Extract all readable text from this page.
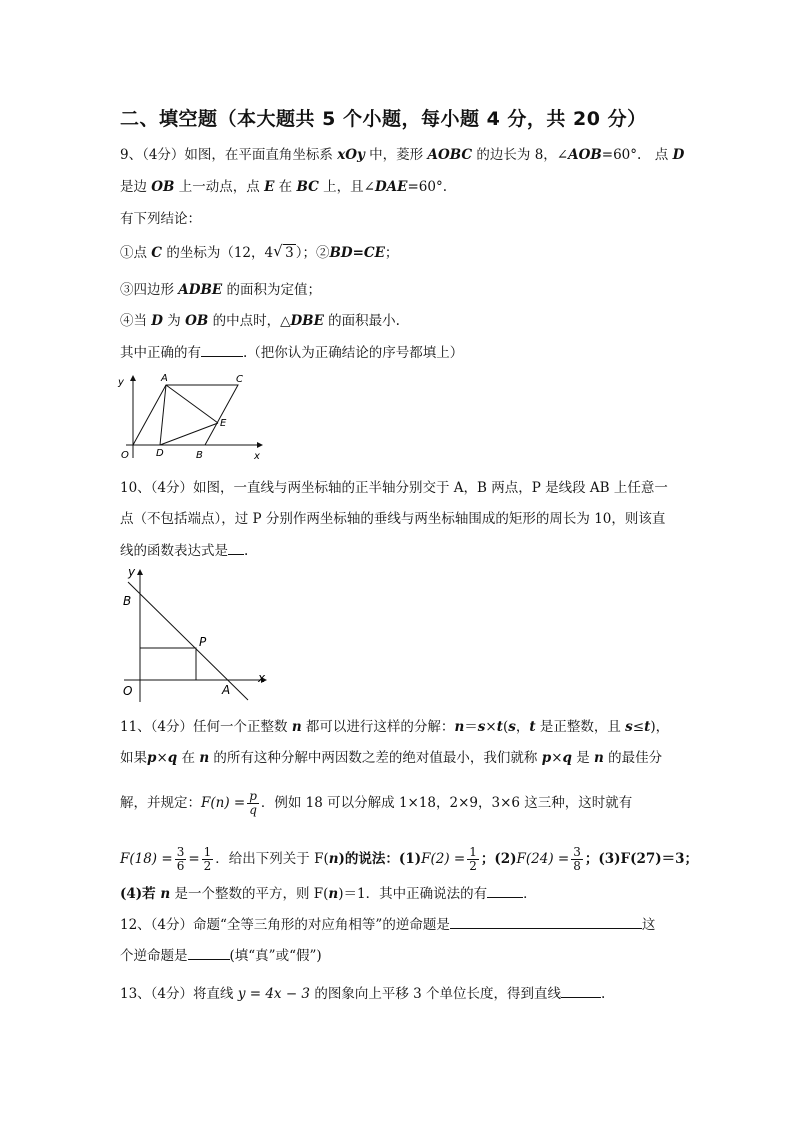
二、填空题（本大题共 5 个小题，每小题 4 分，共 20 分）
9、（4分）如图，在平面直角坐标系 xOy 中，菱形 AOBC 的边长为 8，∠AOB=60°.　点 D
是边 OB 上一动点，点 E 在 BC 上，且∠DAE=60°.
有下列结论：
①点 C 的坐标为（12，4 √ 3 ）；②BD=CE；
③四边形 ADBE 的面积为定值；
④当 D 为 OB 的中点时，△DBE 的面积最小.
其中正确的有	.（把你认为正确结论的序号都填上）
y
x
O
A	C
E
D	B
10、（4分）如图，一直线与两坐标轴的正半轴分别交于 A，B 两点，P 是线段 AB 上任意一
点（不包括端点），过 P 分别作两坐标轴的垂线与两坐标轴围成的矩形的周长为 10，则该直
线的函数表达式是 .
y
B
P
O	A
x
11、（4分）任何一个正整数 n 都可以进行这样的分解：n＝s×t(s，t 是正整数，且 s≤t)，
如果p×q 在 n 的所有这种分解中两因数之差的绝对值最小，我们就称 p×q 是 n 的最佳分
解，并规定：$F(n) = \frac{p}{q}$ ．例如 18 可以分解成 1×18，2×9，3×6 这三种，这时就有
$F(18) = \frac{3}{6} = \frac{1}{2}$ ．给出下列关于 F(n)的说法：$(1)F(2) = \frac{1}{2}$ ；$(2)F(24) = \frac{3}{8}$ ；(3)F(27)＝3；
(4)若 n 是一个整数的平方，则 F(n)＝1．其中正确说法的有	．
12、（4分）命题“全等三角形的对应角相等”的逆命题是	这
个逆命题是	(填“真”或“假”)
13、（4分）将直线 y = 4x − 3 的图象向上平移 3 个单位长度，得到直线	.
